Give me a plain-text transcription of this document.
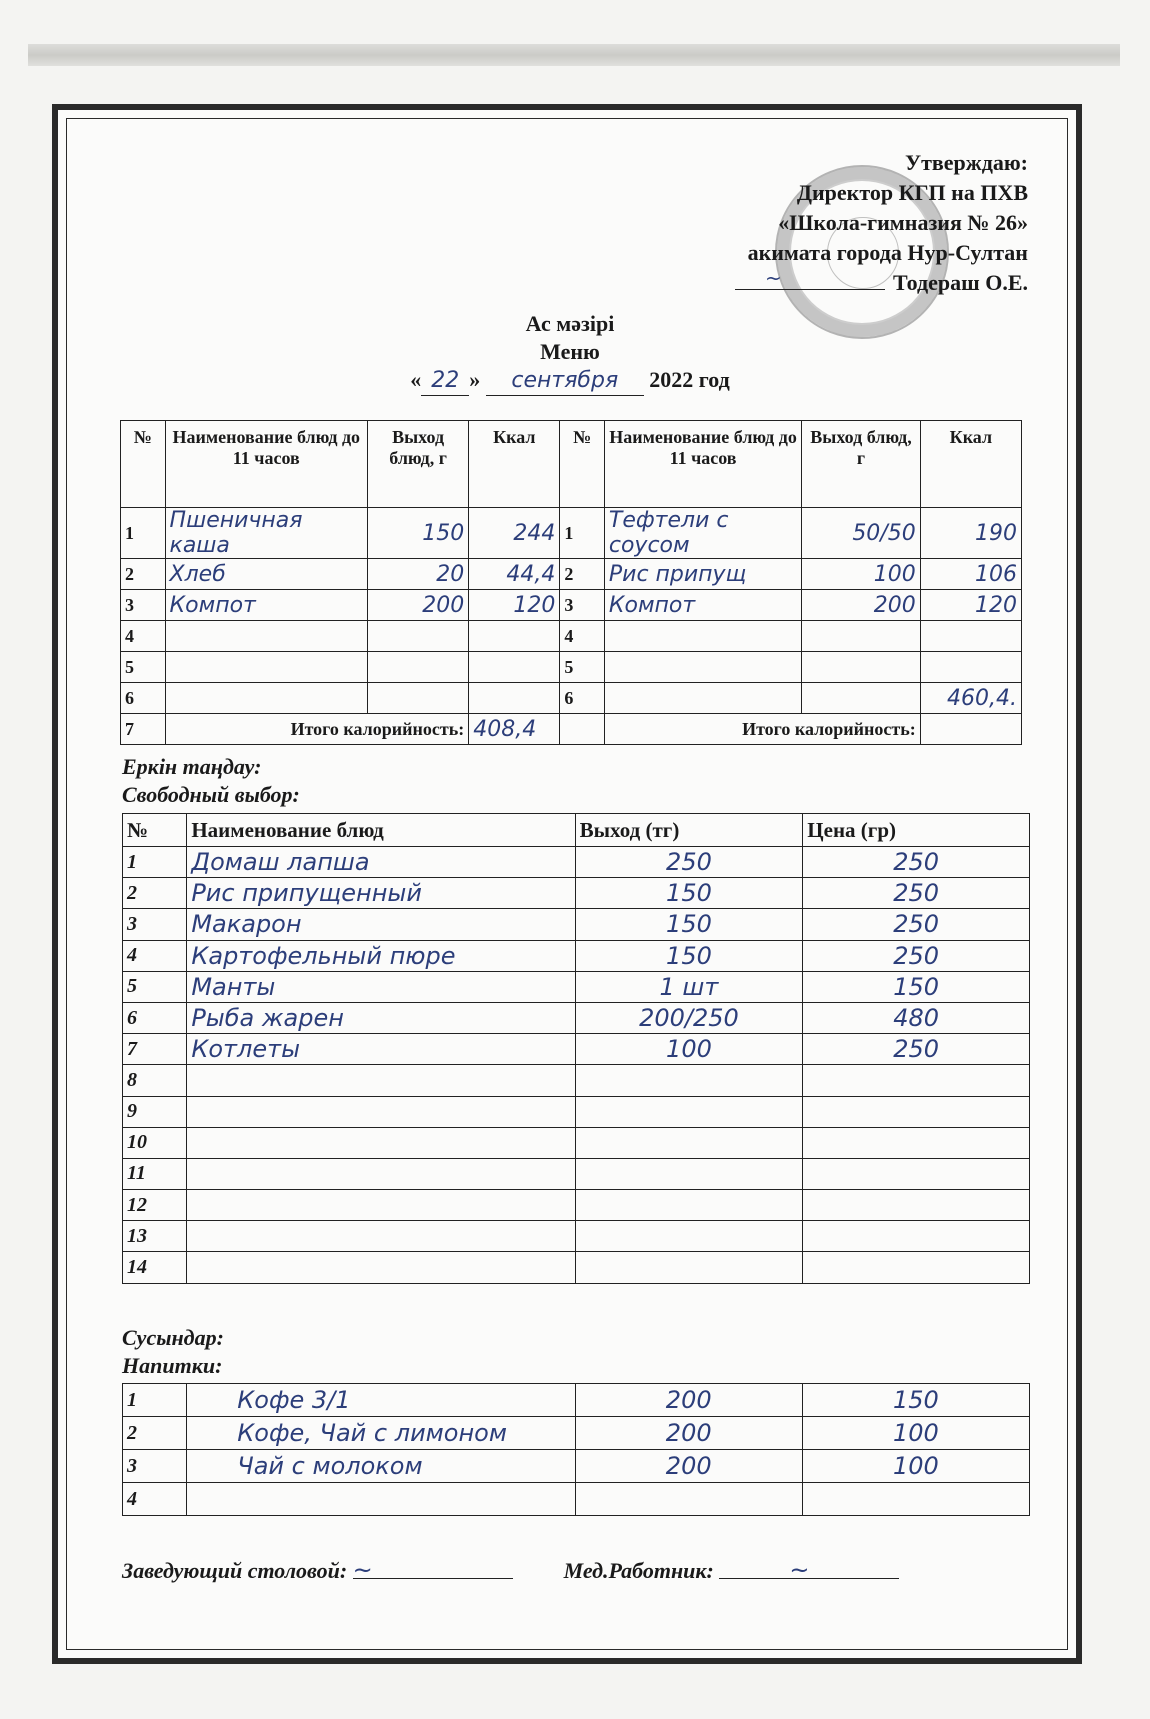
Утверждаю:
Директор КГП на ПХВ
«Школа-гимназия № 26»
акимата города Нур-Султан
~	Тодераш О.Е.
Ас мәзірі
Меню
« 22 » сентября 2022 год
№	Наименование блюд до 11 часов	Выход блюд, г	Ккал	№	Наименование блюд до 11 часов	Выход блюд, г	Ккал
1	Пшеничная каша	150	244	1	Тефтели с соусом	50/50	190
2	Хлеб	20	44,4	2	Рис припущ	100	106
3	Компот	200	120	3	Компот	200	120
4				4			
5				5			
6				6			460,4.
7	Итого калорийность:		408,4		Итого калорийность:		
Еркін таңдау:
Свободный выбор:
№	Наименование блюд	Выход (тг)	Цена (гр)
1	Домаш лапша	250	250
2	Рис припущенный	150	250
3	Макарон	150	250
4	Картофельный пюре	150	250
5	Манты	1 шт	150
6	Рыба жарен	200/250	480
7	Котлеты	100	250
8			
9			
10			
11			
12			
13			
14			
Сусындар:
Напитки:
1	Кофе 3/1	200	150
2	Кофе, Чай с лимоном	200	100
3	Чай с молоком	200	100
4			
Заведующий столовой: ~	Мед.Работник:	~
